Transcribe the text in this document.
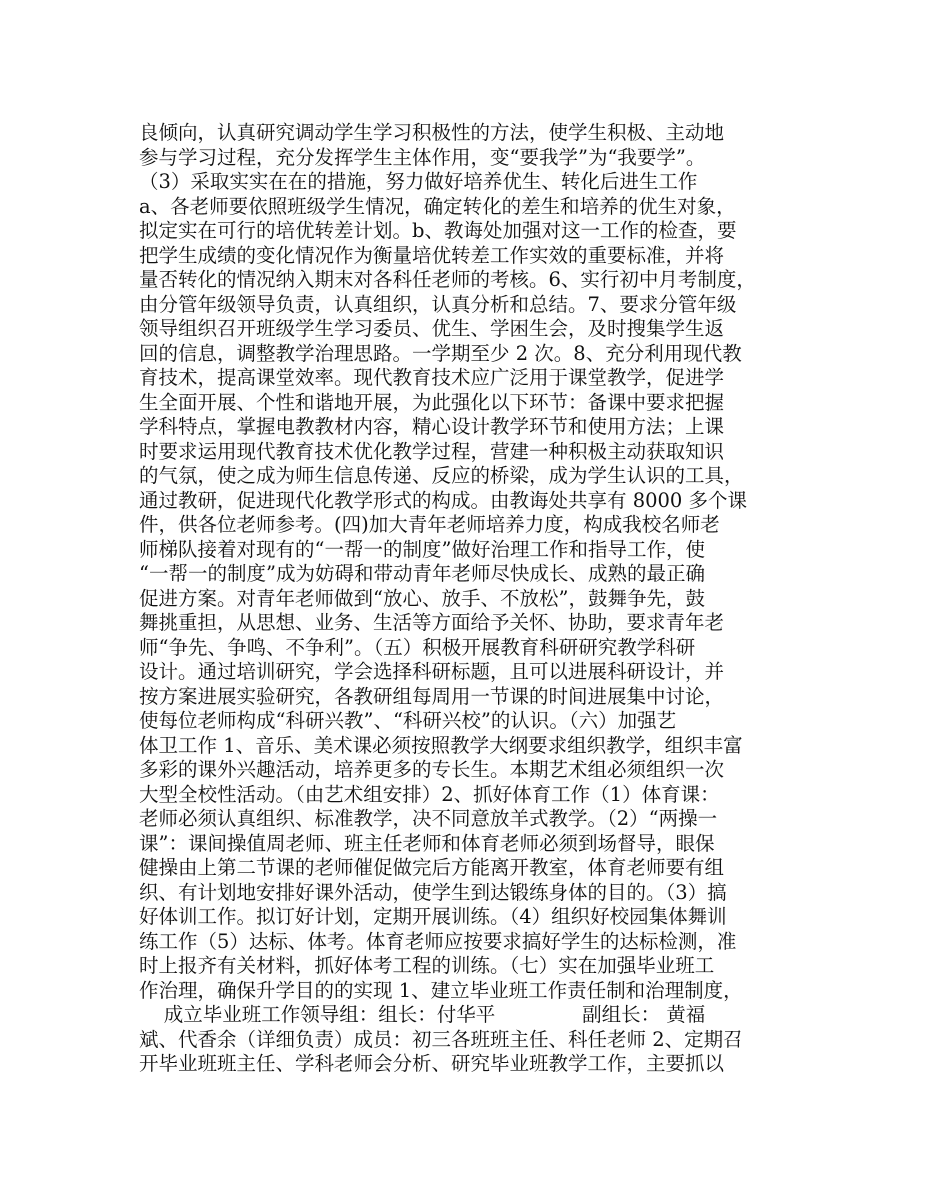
良倾向，认真研究调动学生学习积极性的方法，使学生积极、主动地
参与学习过程，充分发挥学生主体作用，变“要我学”为“我要学”。
（3）采取实实在在的措施，努力做好培养优生、转化后进生工作
a、各老师要依照班级学生情况，确定转化的差生和培养的优生对象，
拟定实在可行的培优转差计划。b、教诲处加强对这一工作的检查，要
把学生成绩的变化情况作为衡量培优转差工作实效的重要标准，并将
量否转化的情况纳入期末对各科任老师的考核。6、实行初中月考制度，
由分管年级领导负责，认真组织，认真分析和总结。7、要求分管年级
领导组织召开班级学生学习委员、优生、学困生会，及时搜集学生返
回的信息，调整教学治理思路。一学期至少 2 次。8、充分利用现代教
育技术，提高课堂效率。现代教育技术应广泛用于课堂教学，促进学
生全面开展、个性和谐地开展，为此强化以下环节：备课中要求把握
学科特点，掌握电教教材内容，精心设计教学环节和使用方法；上课
时要求运用现代教育技术优化教学过程，营建一种积极主动获取知识
的气氛，使之成为师生信息传递、反应的桥梁，成为学生认识的工具，
通过教研，促进现代化教学形式的构成。由教诲处共享有 8000 多个课
件，供各位老师参考。(四)加大青年老师培养力度，构成我校名师老
师梯队接着对现有的“一帮一的制度”做好治理工作和指导工作，使
“一帮一的制度”成为妨碍和带动青年老师尽快成长、成熟的最正确
促进方案。对青年老师做到“放心、放手、不放松”，鼓舞争先，鼓
舞挑重担，从思想、业务、生活等方面给予关怀、协助，要求青年老
师“争先、争鸣、不争利”。（五）积极开展教育科研研究教学科研
设计。通过培训研究，学会选择科研标题，且可以进展科研设计，并
按方案进展实验研究，各教研组每周用一节课的时间进展集中讨论，
使每位老师构成“科研兴教”、“科研兴校”的认识。（六）加强艺
体卫工作 1、音乐、美术课必须按照教学大纲要求组织教学，组织丰富
多彩的课外兴趣活动，培养更多的专长生。本期艺术组必须组织一次
大型全校性活动。（由艺术组安排）2、抓好体育工作（1）体育课：
老师必须认真组织、标准教学，决不同意放羊式教学。（2）“两操一
课”：课间操值周老师、班主任老师和体育老师必须到场督导，眼保
健操由上第二节课的老师催促做完后方能离开教室，体育老师要有组
织、有计划地安排好课外活动，使学生到达锻练身体的目的。（3）搞
好体训工作。拟订好计划，定期开展训练。（4）组织好校园集体舞训
练工作（5）达标、体考。体育老师应按要求搞好学生的达标检测，准
时上报齐有关材料，抓好体考工程的训练。（七）实在加强毕业班工
作治理，确保升学目的的实现 1、建立毕业班工作责任制和治理制度，
成立毕业班工作领导组：组长：付华平              副组长： 黄福
斌、代香余（详细负责）成员：初三各班班主任、科任老师 2、定期召
开毕业班班主任、学科老师会分析、研究毕业班教学工作，主要抓以
